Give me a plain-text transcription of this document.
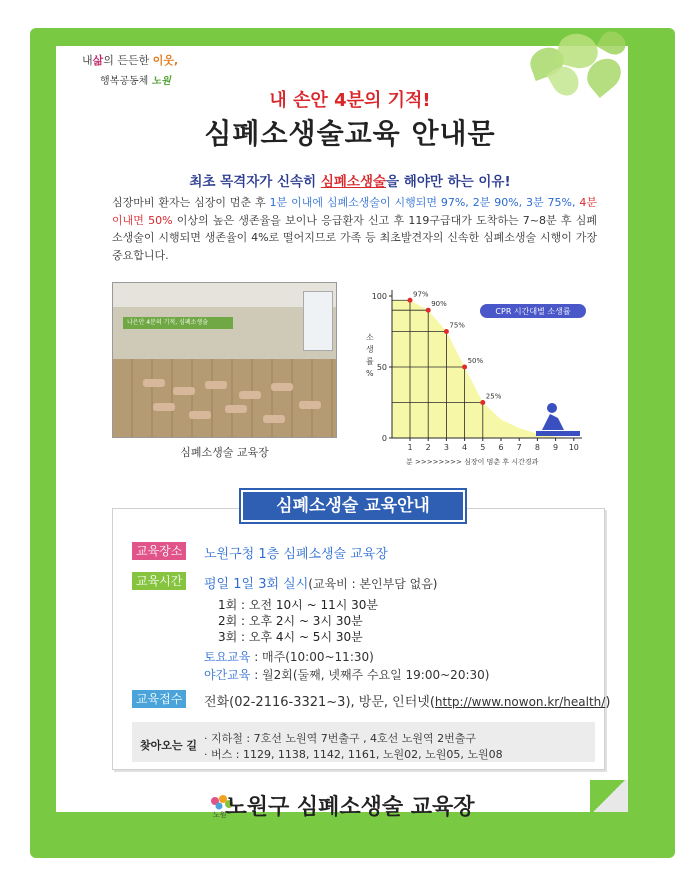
내삶의 든든한 이웃,
행복공동체 노원
내 손안 4분의 기적!
심폐소생술교육 안내문
최초 목격자가 신속히 심폐소생술을 해야만 하는 이유!
심장마비 환자는 심장이 멈춘 후 1분 이내에 심폐소생술이 시행되면 97%, 2분 90%, 3분 75%, 4분 이내면 50% 이상의 높은 생존율을 보이나 응급환자 신고 후 119구급대가 도착하는 7~8분 후 심폐소생술이 시행되면 생존율이 4%로 떨어지므로 가족 등 최초발견자의 신속한 심폐소생술 시행이 가장 중요합니다.
나은안 4분의 기적, 심폐소생술
심폐소생술 교육장
0
50
100
1 2 3 4 5 6 7 8 9 10
97%
90%
75%
50%
25%
소
생
률
%
분 >>>>>>>> 심장이 멈춘 후 시간경과
CPR 시간대별 소생률
심폐소생술 교육안내
교육장소	노원구청 1층 심폐소생술 교육장
교육시간	평일 1일 3회 실시(교육비 : 본인부담 없음)
1회 : 오전 10시 ~ 11시 30분
2회 : 오후 2시 ~ 3시 30분
3회 : 오후 4시 ~ 5시 30분
토요교육 : 매주(10:00~11:30)
야간교육 : 월2회(둘째, 넷째주 수요일 19:00~20:30)
교육접수	전화(02-2116-3321~3), 방문, 인터넷(http://www.nowon.kr/health/)
찾아오는 길
· 지하철 : 7호선 노원역 7번출구 , 4호선 노원역 2번출구
· 버스 : 1129, 1138, 1142, 1161, 노원02, 노원05, 노원08
노원
노원구 심폐소생술 교육장
